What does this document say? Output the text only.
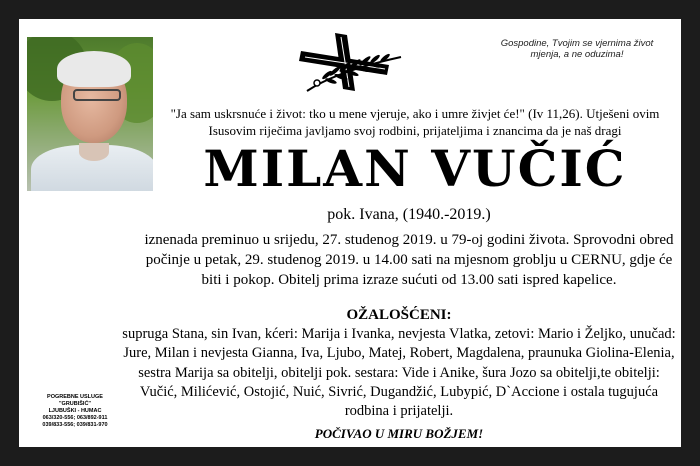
Gospodine, Tvojim se vjernima život mjenja, a ne oduzima!
"Ja sam uskrsnuće i život: tko u mene vjeruje, ako i umre živjet će!" (Iv 11,26). Utješeni ovim Isusovim riječima javljamo svoj rodbini, prijateljima i znancima da je naš dragi
MILAN VUČIĆ
pok. Ivana, (1940.-2019.)
iznenada preminuo u srijedu, 27. studenog 2019. u 79-oj godini života. Sprovodni obred počinje u petak, 29. studenog 2019. u 14.00 sati na mjesnom groblju u CERNU, gdje će biti i pokop. Obitelj prima izraze sućuti od 13.00 sati ispred kapelice.
OŽALOŠĆENI:
supruga Stana, sin Ivan, kćeri: Marija i Ivanka, nevjesta Vlatka, zetovi: Mario i Željko, unučad: Jure, Milan i nevjesta Gianna, Iva, Ljubo, Matej, Robert, Magdalena, praunuka Giolina-Elenia, sestra Marija sa obitelji, obitelji pok. sestara: Vide i Anike, šura Jozo sa obitelji,te obitelji: Vučić, Milićević, Ostojić, Nuić, Sivrić, Dugandžić, Lubурić, D`Accione i ostala tugujuća rodbina i prijatelji.
POČIVAO U MIRU BOŽJEM!
POGREBNE USLUGE
"GRUBIŠIĆ"
LJUBUŠKI - HUMAC
063/320-556; 063/892-911
039/833-556; 039/831-970
